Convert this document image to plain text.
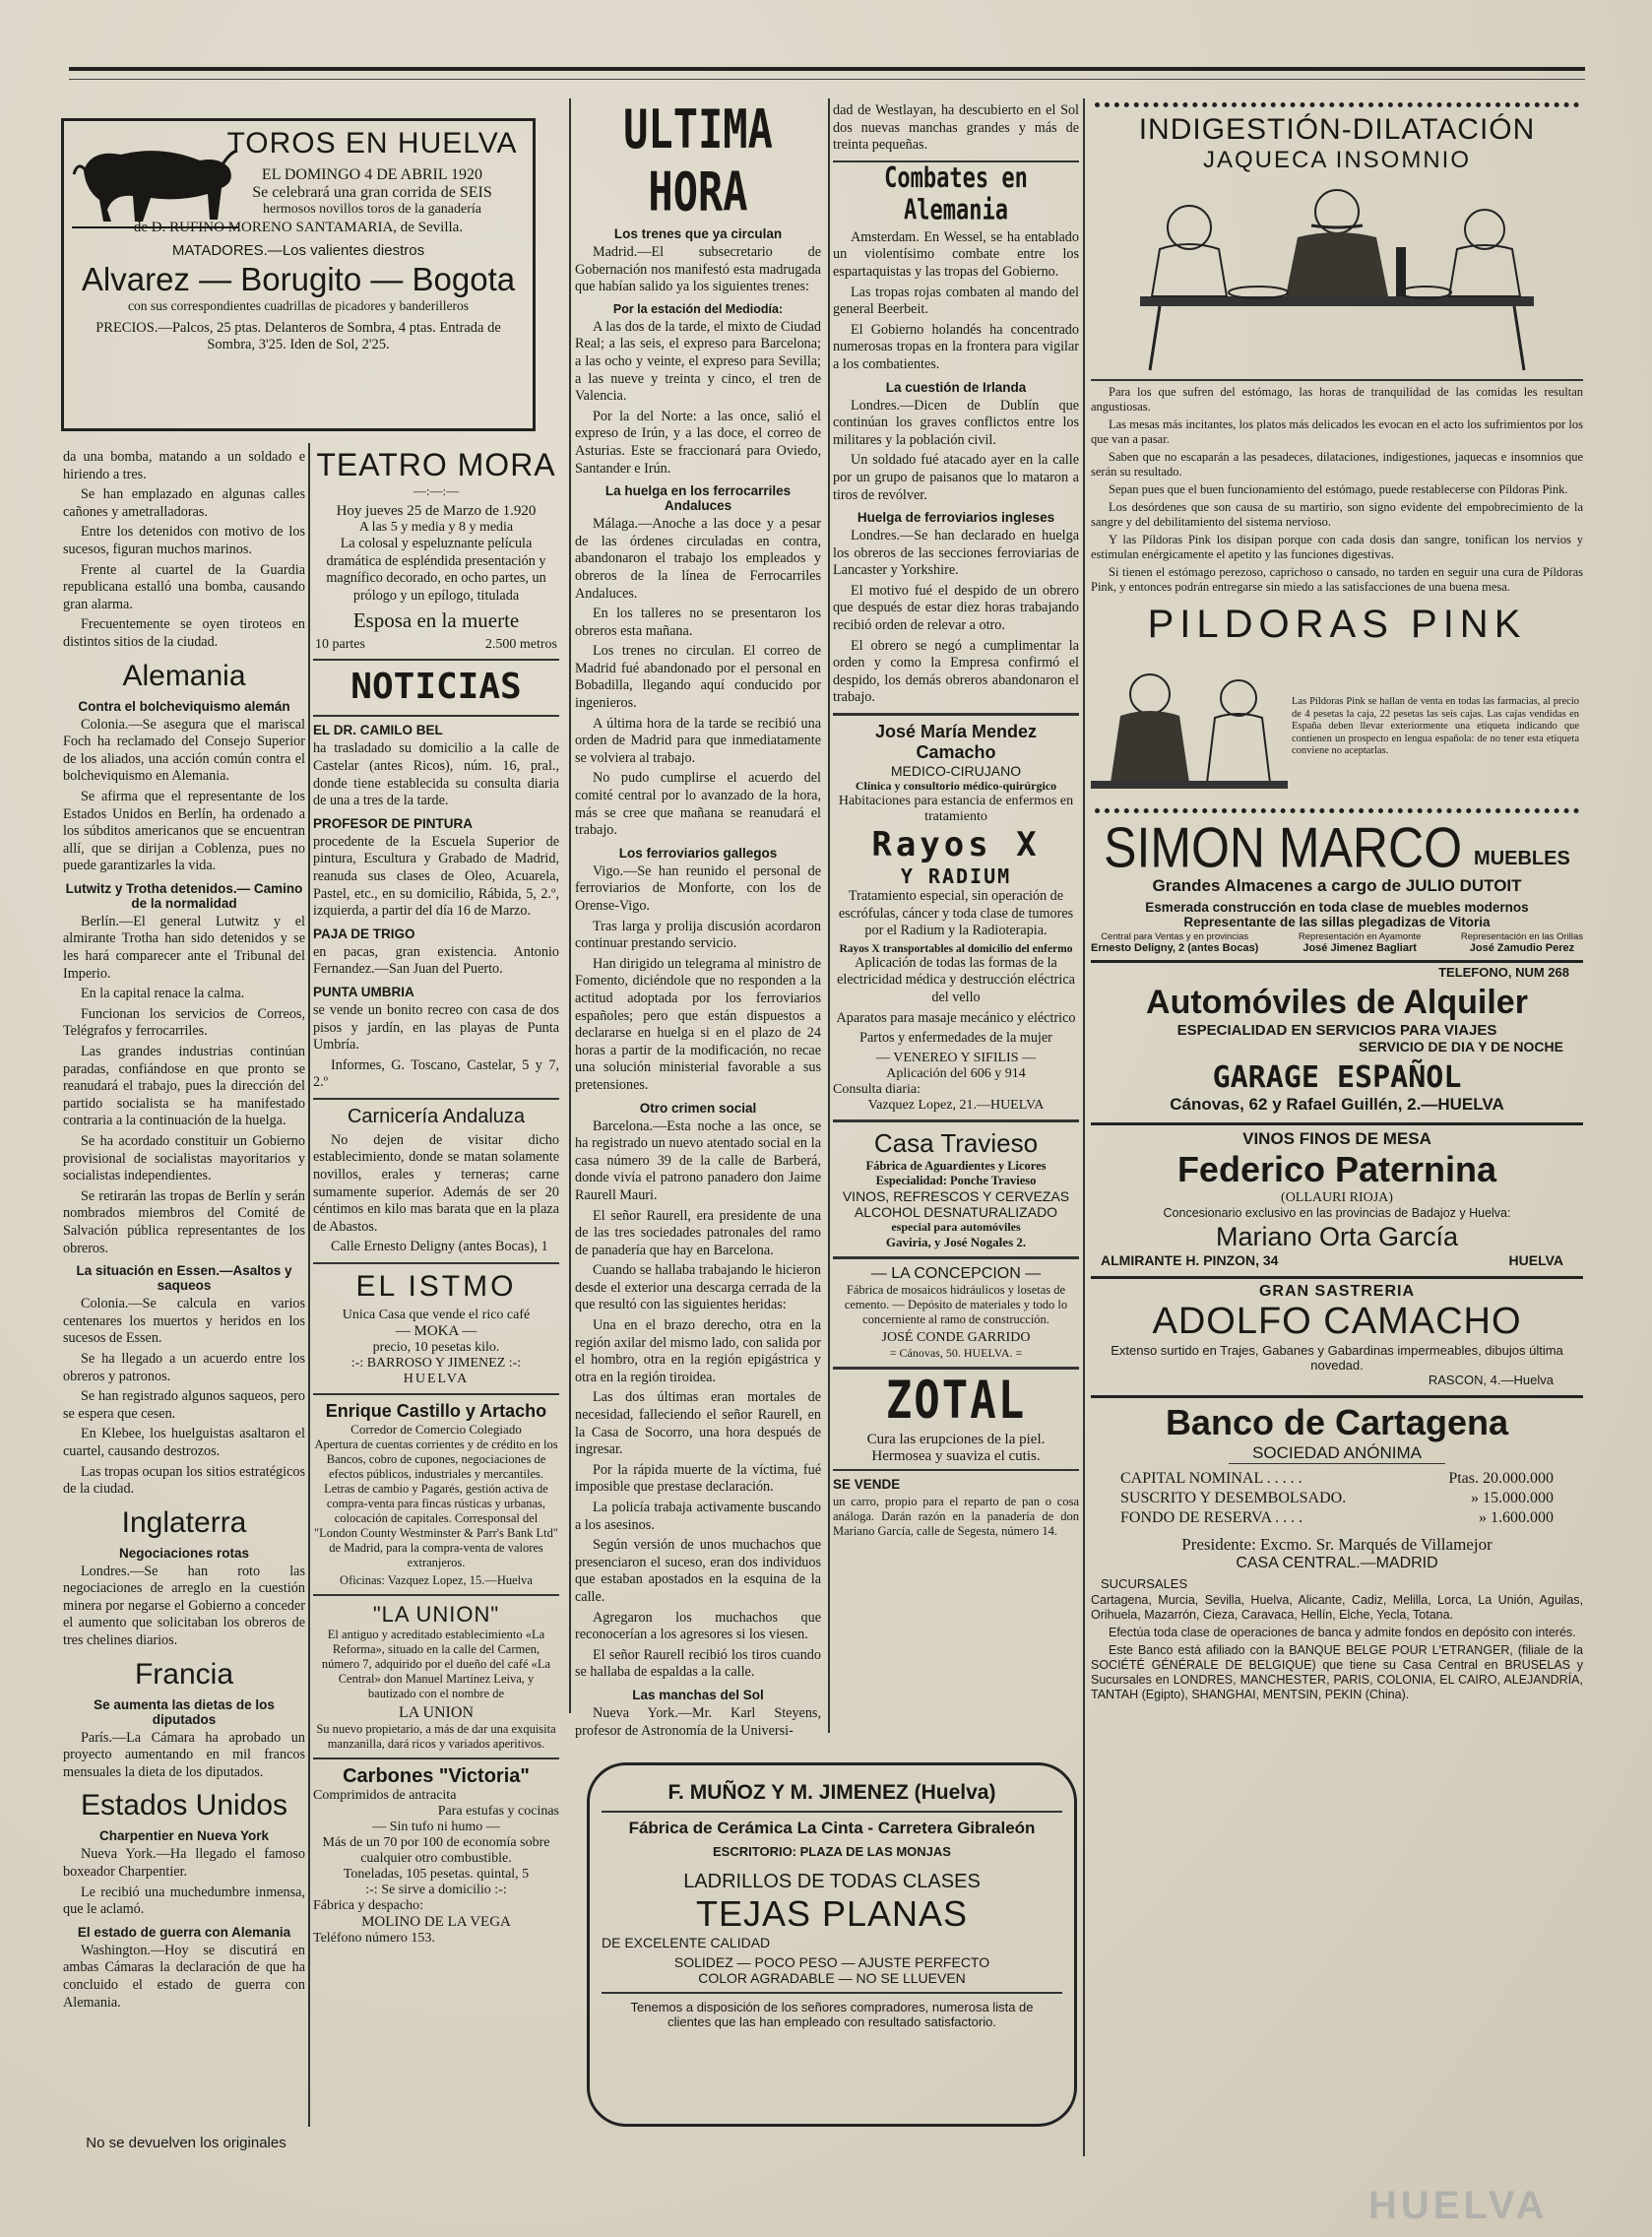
TOROS EN HUELVA
EL DOMINGO 4 DE ABRIL 1920
Se celebrará una gran corrida de SEIS
hermosos novillos toros de la ganadería
de D. RUFINO MORENO SANTAMARIA, de Sevilla.
MATADORES.—Los valientes diestros
Alvarez — Borugito — Bogota
con sus correspondientes cuadrillas de picadores y banderilleros
PRECIOS.—Palcos, 25 ptas. Delanteros de Sombra, 4 ptas. Entrada de Sombra, 3'25. Iden de Sol, 2'25.

da una bomba, matando a un soldado e hiriendo a tres.

Se han emplazado en algunas calles cañones y ametralladoras.

Entre los detenidos con motivo de los sucesos, figuran muchos marinos.

Frente al cuartel de la Guardia republicana estalló una bomba, causando gran alarma.

Frecuentemente se oyen tiroteos en distintos sitios de la ciudad.

Alemania
Contra el bolcheviquismo alemán

Colonia.—Se asegura que el mariscal Foch ha reclamado del Consejo Superior de los aliados, una acción común contra el bolcheviquismo en Alemania.

Se afirma que el representante de los Estados Unidos en Berlín, ha ordenado a los súbditos americanos que se encuentran allí, que se dirijan a Coblenza, pues no puede garantizarles la vida.

Lutwitz y Trotha detenidos.— Camino de la normalidad

Berlín.—El general Lutwitz y el almirante Trotha han sido detenidos y se les hará comparecer ante el Tribunal del Imperio.

En la capital renace la calma.

Funcionan los servicios de Correos, Telégrafos y ferrocarriles.

Las grandes industrias continúan paradas, confiándose en que pronto se reanudará el trabajo, pues la dirección del partido socialista se ha manifestado contraria a la continuación de la huelga.

Se ha acordado constituir un Gobierno provisional de socialistas mayoritarios y socialistas independientes.

Se retirarán las tropas de Berlín y serán nombrados miembros del Comité de Salvación pública representantes de los obreros.

La situación en Essen.—Asaltos y saqueos

Colonia.—Se calcula en varios centenares los muertos y heridos en los sucesos de Essen.

Se ha llegado a un acuerdo entre los obreros y patronos.

Se han registrado algunos saqueos, pero se espera que cesen.

En Klebee, los huelguistas asaltaron el cuartel, causando destrozos.

Las tropas ocupan los sitios estratégicos de la ciudad.

Inglaterra
Negociaciones rotas

Londres.—Se han roto las negociaciones de arreglo en la cuestión minera por negarse el Gobierno a conceder el aumento que solicitaban los obreros de tres chelines diarios.

Francia
Se aumenta las dietas de los diputados

París.—La Cámara ha aprobado un proyecto aumentando en mil francos mensuales la dieta de los diputados.

Estados Unidos
Charpentier en Nueva York

Nueva York.—Ha llegado el famoso boxeador Charpentier.

Le recibió una muchedumbre inmensa, que le aclamó.

El estado de guerra con Alemania

Washington.—Hoy se discutirá en ambas Cámaras la declaración de que ha concluido el estado de guerra con Alemania.

No se devuelven los originales
TEATRO MORA
—:—:—
Hoy jueves 25 de Marzo de 1.920
A las 5 y media y 8 y media

La colosal y espeluznante película dramática de espléndida presentación y magnífico decorado, en ocho partes, un prólogo y un epílogo, titulada

Esposa en la muerte
10 partes	2.500 metros
NOTICIAS
EL DR. CAMILO BEL

ha trasladado su domicilio a la calle de Castelar (antes Ricos), núm. 16, pral., donde tiene establecida su consulta diaria de una a tres de la tarde.

PROFESOR DE PINTURA

procedente de la Escuela Superior de pintura, Escultura y Grabado de Madrid, reanuda sus clases de Oleo, Acuarela, Pastel, etc., en su domicilio, Rábida, 5, 2.º, izquierda, a partir del día 16 de Marzo.

PAJA DE TRIGO

en pacas, gran existencia. Antonio Fernandez.—San Juan del Puerto.

PUNTA UMBRIA

se vende un bonito recreo con casa de dos pisos y jardín, en las playas de Punta Umbría.

Informes, G. Toscano, Castelar, 5 y 7, 2.º

Carnicería Andaluza

No dejen de visitar dicho establecimiento, donde se matan solamente novillos, erales y terneras; carne sumamente superior. Además de ser 20 céntimos en kilo mas barata que en la plaza de Abastos.

Calle Ernesto Deligny (antes Bocas), 1

EL ISTMO
Unica Casa que vende el rico café
— MOKA —
precio, 10 pesetas kilo.
:-: BARROSO Y JIMENEZ :-:
HUELVA
Enrique Castillo y Artacho
Corredor de Comercio Colegiado

Apertura de cuentas corrientes y de crédito en los Bancos, cobro de cupones, negociaciones de efectos públicos, industriales y mercantiles. Letras de cambio y Pagarés, gestión activa de compra-venta para fincas rústicas y urbanas, colocación de capitales. Corresponsal del "London County Westminster & Parr's Bank Ltd" de Madrid, para la compra-venta de valores extranjeros.

Oficinas: Vazquez Lopez, 15.—Huelva
"LA UNION"

El antiguo y acreditado establecimiento «La Reforma», situado en la calle del Carmen, número 7, adquirido por el dueño del café «La Central» don Manuel Martínez Leiva, y bautizado con el nombre de

LA UNION

Su nuevo propietario, a más de dar una exquisita manzanilla, dará ricos y variados aperitivos.

Carbones "Victoria"
Comprimidos de antracita
Para estufas y cocinas
— Sin tufo ni humo —
Más de un 70 por 100 de economía sobre cualquier otro combustible.
Toneladas, 105 pesetas. quintal, 5
:-: Se sirve a domicilio :-:
Fábrica y despacho:
MOLINO DE LA VEGA
Teléfono número 153.
ULTIMA HORA
Los trenes que ya circulan

Madrid.—El subsecretario de Gobernación nos manifestó esta madrugada que habían salido ya los siguientes trenes:

Por la estación del Mediodía:

A las dos de la tarde, el mixto de Ciudad Real; a las seis, el expreso para Barcelona; a las ocho y veinte, el expreso para Sevilla; a las nueve y treinta y cinco, el tren de Valencia.

Por la del Norte: a las once, salió el expreso de Irún, y a las doce, el correo de Asturias. Este se fraccionará para Oviedo, Santander e Irún.

La huelga en los ferrocarriles Andaluces

Málaga.—Anoche a las doce y a pesar de las órdenes circuladas en contra, abandonaron el trabajo los empleados y obreros de la línea de Ferrocarriles Andaluces.

En los talleres no se presentaron los obreros esta mañana.

Los trenes no circulan. El correo de Madrid fué abandonado por el personal en Bobadilla, llegando aquí conducido por ingenieros.

A última hora de la tarde se recibió una orden de Madrid para que inmediatamente se volviera al trabajo.

No pudo cumplirse el acuerdo del comité central por lo avanzado de la hora, más se cree que mañana se reanudará el trabajo.

Los ferroviarios gallegos

Vigo.—Se han reunido el personal de ferroviarios de Monforte, con los de Orense-Vigo.

Tras larga y prolija discusión acordaron continuar prestando servicio.

Han dirigido un telegrama al ministro de Fomento, diciéndole que no responden a la actitud adoptada por los ferroviarios españoles; pero que están dispuestos a declararse en huelga si en el plazo de 24 horas a partir de la modificación, no recae una solución ministerial favorable a sus pretensiones.

Otro crimen social

Barcelona.—Esta noche a las once, se ha registrado un nuevo atentado social en la casa número 39 de la calle de Barberá, donde vivía el patrono panadero don Jaime Raurell Mauri.

El señor Raurell, era presidente de una de las tres sociedades patronales del ramo de panadería que hay en Barcelona.

Cuando se hallaba trabajando le hicieron desde el exterior una descarga cerrada de la que resultó con las siguientes heridas:

Una en el brazo derecho, otra en la región axilar del mismo lado, con salida por el hombro, otra en la región epigástrica y otra en la región tiroidea.

Las dos últimas eran mortales de necesidad, falleciendo el señor Raurell, en la Casa de Socorro, una hora después de ingresar.

Por la rápida muerte de la víctima, fué imposible que prestase declaración.

La policía trabaja activamente buscando a los asesinos.

Según versión de unos muchachos que presenciaron el suceso, eran dos individuos que estaban apostados en la esquina de la calle.

Agregaron los muchachos que reconocerían a los agresores si los viesen.

El señor Raurell recibió los tiros cuando se hallaba de espaldas a la calle.

Las manchas del Sol

Nueva York.—Mr. Karl Steyens, profesor de Astronomía de la Universi-

dad de Westlayan, ha descubierto en el Sol dos nuevas manchas grandes y más de treinta pequeñas.

Combates en Alemania

Amsterdam. En Wessel, se ha entablado un violentísimo combate entre los espartaquistas y las tropas del Gobierno.

Las tropas rojas combaten al mando del general Beerbeit.

El Gobierno holandés ha concentrado numerosas tropas en la frontera para vigilar a los combatientes.

La cuestión de Irlanda

Londres.—Dicen de Dublín que continúan los graves conflictos entre los militares y la población civil.

Un soldado fué atacado ayer en la calle por un grupo de paisanos que lo mataron a tiros de revólver.

Huelga de ferroviarios ingleses

Londres.—Se han declarado en huelga los obreros de las secciones ferroviarias de Lancaster y Yorkshire.

El motivo fué el despido de un obrero que después de estar diez horas trabajando recibió orden de relevar a otro.

El obrero se negó a cumplimentar la orden y como la Empresa confirmó el despido, los demás obreros abandonaron el trabajo.

José María Mendez Camacho
MEDICO-CIRUJANO
Clínica y consultorio médico-quirúrgico
Habitaciones para estancia de enfermos en tratamiento
Rayos X
Y RADIUM

Tratamiento especial, sin operación de escrófulas, cáncer y toda clase de tumores por el Radium y la Radioterapia.

Rayos X transportables al domicilio del enfermo

Aplicación de todas las formas de la electricidad médica y destrucción eléctrica del vello

Aparatos para masaje mecánico y eléctrico

Partos y enfermedades de la mujer

— VENEREO Y SIFILIS —
Aplicación del 606 y 914
Consulta diaria:
Vazquez Lopez, 21.—HUELVA
Casa Travieso
Fábrica de Aguardientes y Licores
Especialidad: Ponche Travieso
VINOS, REFRESCOS Y CERVEZAS
ALCOHOL DESNATURALIZADO
especial para automóviles
Gaviria, y José Nogales 2.
— LA CONCEPCION —

Fábrica de mosaicos hidráulicos y losetas de cemento. — Depósito de materiales y todo lo concerniente al ramo de construcción.

JOSÉ CONDE GARRIDO
= Cánovas, 50. HUELVA. =
ZOTAL
Cura las erupciones de la piel.
Hermosea y suaviza el cutis.
SE VENDE

un carro, propio para el reparto de pan o cosa análoga. Darán razón en la panadería de don Mariano García, calle de Segesta, número 14.

F. MUÑOZ Y M. JIMENEZ (Huelva)
Fábrica de Cerámica La Cinta - Carretera Gibraleón
ESCRITORIO: PLAZA DE LAS MONJAS
LADRILLOS DE TODAS CLASES
TEJAS PLANAS
DE EXCELENTE CALIDAD
SOLIDEZ — POCO PESO — AJUSTE PERFECTO
COLOR AGRADABLE — NO SE LLUEVEN
Tenemos a disposición de los señores compradores, numerosa lista de clientes que las han empleado con resultado satisfactorio.
INDIGESTIÓN-DILATACIÓN
JAQUECA INSOMNIO

Para los que sufren del estómago, las horas de tranquilidad de las comidas les resultan angustiosas.

Las mesas más incitantes, los platos más delicados les evocan en el acto los sufrimientos por los que van a pasar.

Saben que no escaparán a las pesadeces, dilataciones, indigestiones, jaquecas e insomnios que serán su resultado.

Sepan pues que el buen funcionamiento del estómago, puede restablecerse con Píldoras Pink.

Los desórdenes que son causa de su martirio, son signo evidente del empobrecimiento de la sangre y del debilitamiento del sistema nervioso.

Y las Píldoras Pink los disipan porque con cada dosis dan sangre, tonifican los nervios y estimulan enérgicamente el apetito y las funciones digestivas.

Si tienen el estómago perezoso, caprichoso o cansado, no tarden en seguir una cura de Píldoras Pink, y entonces podrán entregarse sin miedo a las satisfacciones de una buena mesa.

PILDORAS PINK

Las Píldoras Pink se hallan de venta en todas las farmacias, al precio de 4 pesetas la caja, 22 pesetas las seis cajas. Las cajas vendidas en España deben llevar exteriormente una etiqueta indicando que contienen un prospecto en lengua española: de no tener esta etiqueta conviene no aceptarlas.

SIMON MARCO MUEBLES
Grandes Almacenes a cargo de JULIO DUTOIT
Esmerada construcción en toda clase de muebles modernos
Representante de las sillas plegadizas de Vitoria
Central para Ventas y en provincias
Ernesto Deligny, 2 (antes Bocas)
Representación en Ayamonte
José Jimenez Bagliart
Representación en las Orillas
José Zamudio Perez
TELEFONO, NUM 268
Automóviles de Alquiler
ESPECIALIDAD EN SERVICIOS PARA VIAJES
SERVICIO DE DIA Y DE NOCHE
GARAGE ESPAÑOL
Cánovas, 62 y Rafael Guillén, 2.—HUELVA
VINOS FINOS DE MESA
Federico Paternina
(OLLAURI RIOJA)
Concesionario exclusivo en las provincias de Badajoz y Huelva:
Mariano Orta García
ALMIRANTE H. PINZON, 34	HUELVA
GRAN SASTRERIA
ADOLFO CAMACHO
Extenso surtido en Trajes, Gabanes y Gabardinas impermeables, dibujos última novedad.
RASCON, 4.—Huelva
Banco de Cartagena
SOCIEDAD ANÓNIMA
CAPITAL NOMINAL . . . . .	Ptas. 20.000.000
SUSCRITO Y DESEMBOLSADO.	» 15.000.000
FONDO DE RESERVA . . . .	» 1.600.000
Presidente: Excmo. Sr. Marqués de Villamejor
CASA CENTRAL.—MADRID
SUCURSALES

Cartagena, Murcia, Sevilla, Huelva, Alicante, Cadiz, Melilla, Lorca, La Unión, Aguilas, Orihuela, Mazarrón, Cieza, Caravaca, Hellín, Elche, Yecla, Totana.

Efectúa toda clase de operaciones de banca y admite fondos en depósito con interés.

Este Banco está afiliado con la BANQUE BELGE POUR L'ETRANGER, (filiale de la SOCIÉTÉ GÉNÉRALE DE BELGIQUE) que tiene su Casa Central en BRUSELAS y Sucursales en LONDRES, MANCHESTER, PARIS, COLONIA, EL CAIRO, ALEJANDRÍA, TANTAH (Egipto), SHANGHAI, MENTSIN, PEKIN (China).

HUELVA
